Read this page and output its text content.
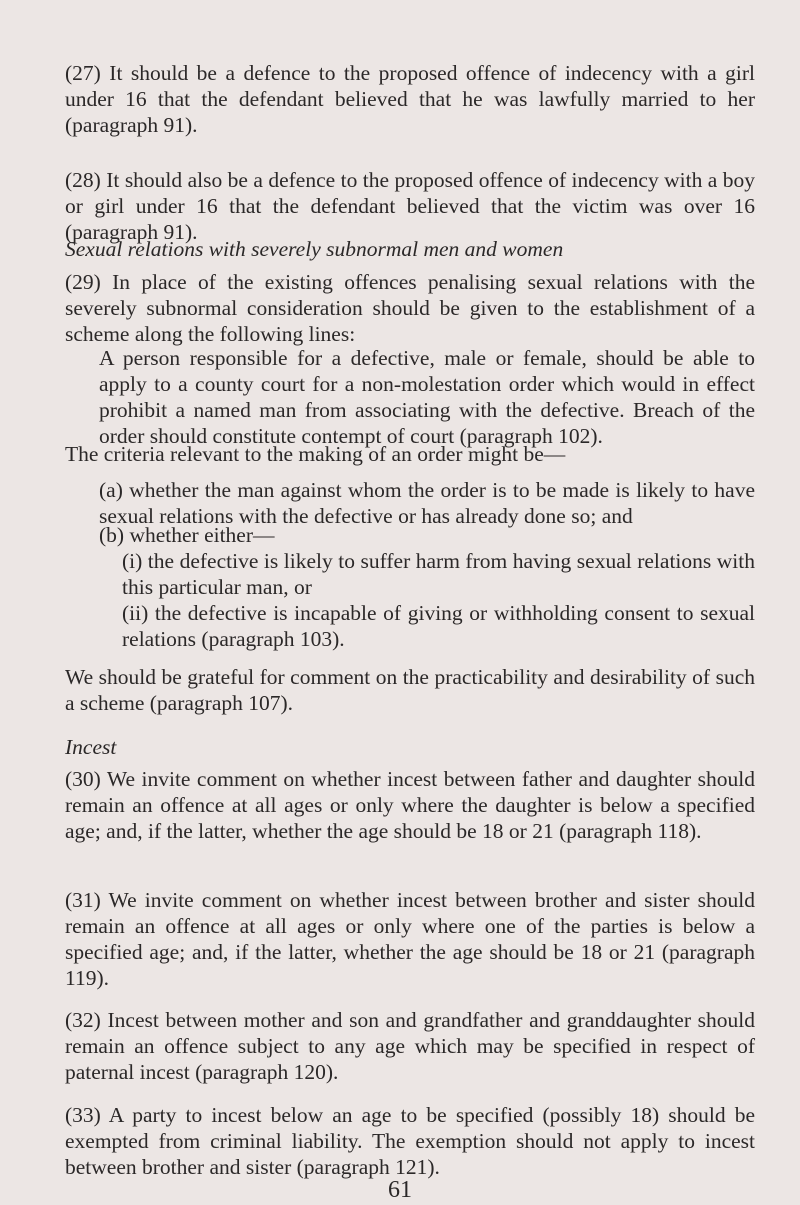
(27) It should be a defence to the proposed offence of indecency with a girl under 16 that the defendant believed that he was lawfully married to her (paragraph 91).

(28) It should also be a defence to the proposed offence of indecency with a boy or girl under 16 that the defendant believed that the victim was over 16 (paragraph 91).

Sexual relations with severely subnormal men and women

(29) In place of the existing offences penalising sexual relations with the severely subnormal consideration should be given to the establishment of a scheme along the following lines:

A person responsible for a defective, male or female, should be able to apply to a county court for a non-molestation order which would in effect prohibit a named man from associating with the defective. Breach of the order should constitute contempt of court (paragraph 102).

The criteria relevant to the making of an order might be—

(a) whether the man against whom the order is to be made is likely to have sexual relations with the defective or has already done so; and

(b) whether either—

(i) the defective is likely to suffer harm from having sexual relations with this particular man, or

(ii) the defective is incapable of giving or withholding consent to sexual relations (paragraph 103).

We should be grateful for comment on the practicability and desirability of such a scheme (paragraph 107).

Incest

(30) We invite comment on whether incest between father and daughter should remain an offence at all ages or only where the daughter is below a specified age; and, if the latter, whether the age should be 18 or 21 (paragraph 118).

(31) We invite comment on whether incest between brother and sister should remain an offence at all ages or only where one of the parties is below a specified age; and, if the latter, whether the age should be 18 or 21 (paragraph 119).

(32) Incest between mother and son and grandfather and granddaughter should remain an offence subject to any age which may be specified in respect of paternal incest (paragraph 120).

(33) A party to incest below an age to be specified (possibly 18) should be exempted from criminal liability. The exemption should not apply to incest between brother and sister (paragraph 121).

61
